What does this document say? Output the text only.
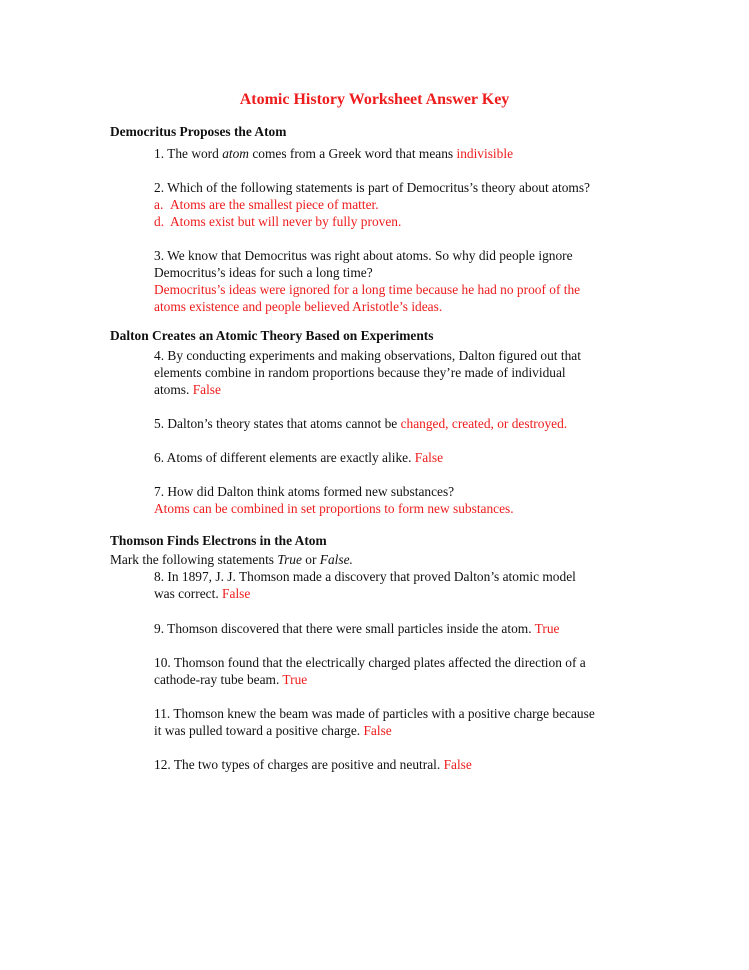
Atomic History Worksheet Answer Key
Democritus Proposes the Atom

1. The word atom comes from a Greek word that means indivisible

2. Which of the following statements is part of Democritus’s theory about atoms?

a. Atoms are the smallest piece of matter.

d. Atoms exist but will never by fully proven.

3. We know that Democritus was right about atoms. So why did people ignore

Democritus’s ideas for such a long time?

Democritus’s ideas were ignored for a long time because he had no proof of the

atoms existence and people believed Aristotle’s ideas.

Dalton Creates an Atomic Theory Based on Experiments

4. By conducting experiments and making observations, Dalton figured out that

elements combine in random proportions because they’re made of individual

atoms. False

5. Dalton’s theory states that atoms cannot be changed, created, or destroyed.

6. Atoms of different elements are exactly alike. False

7. How did Dalton think atoms formed new substances?

Atoms can be combined in set proportions to form new substances.

Thomson Finds Electrons in the Atom
Mark the following statements True or False.

8. In 1897, J. J. Thomson made a discovery that proved Dalton’s atomic model

was correct. False

9. Thomson discovered that there were small particles inside the atom. True

10. Thomson found that the electrically charged plates affected the direction of a

cathode-ray tube beam. True

11. Thomson knew the beam was made of particles with a positive charge because

it was pulled toward a positive charge. False

12. The two types of charges are positive and neutral. False
